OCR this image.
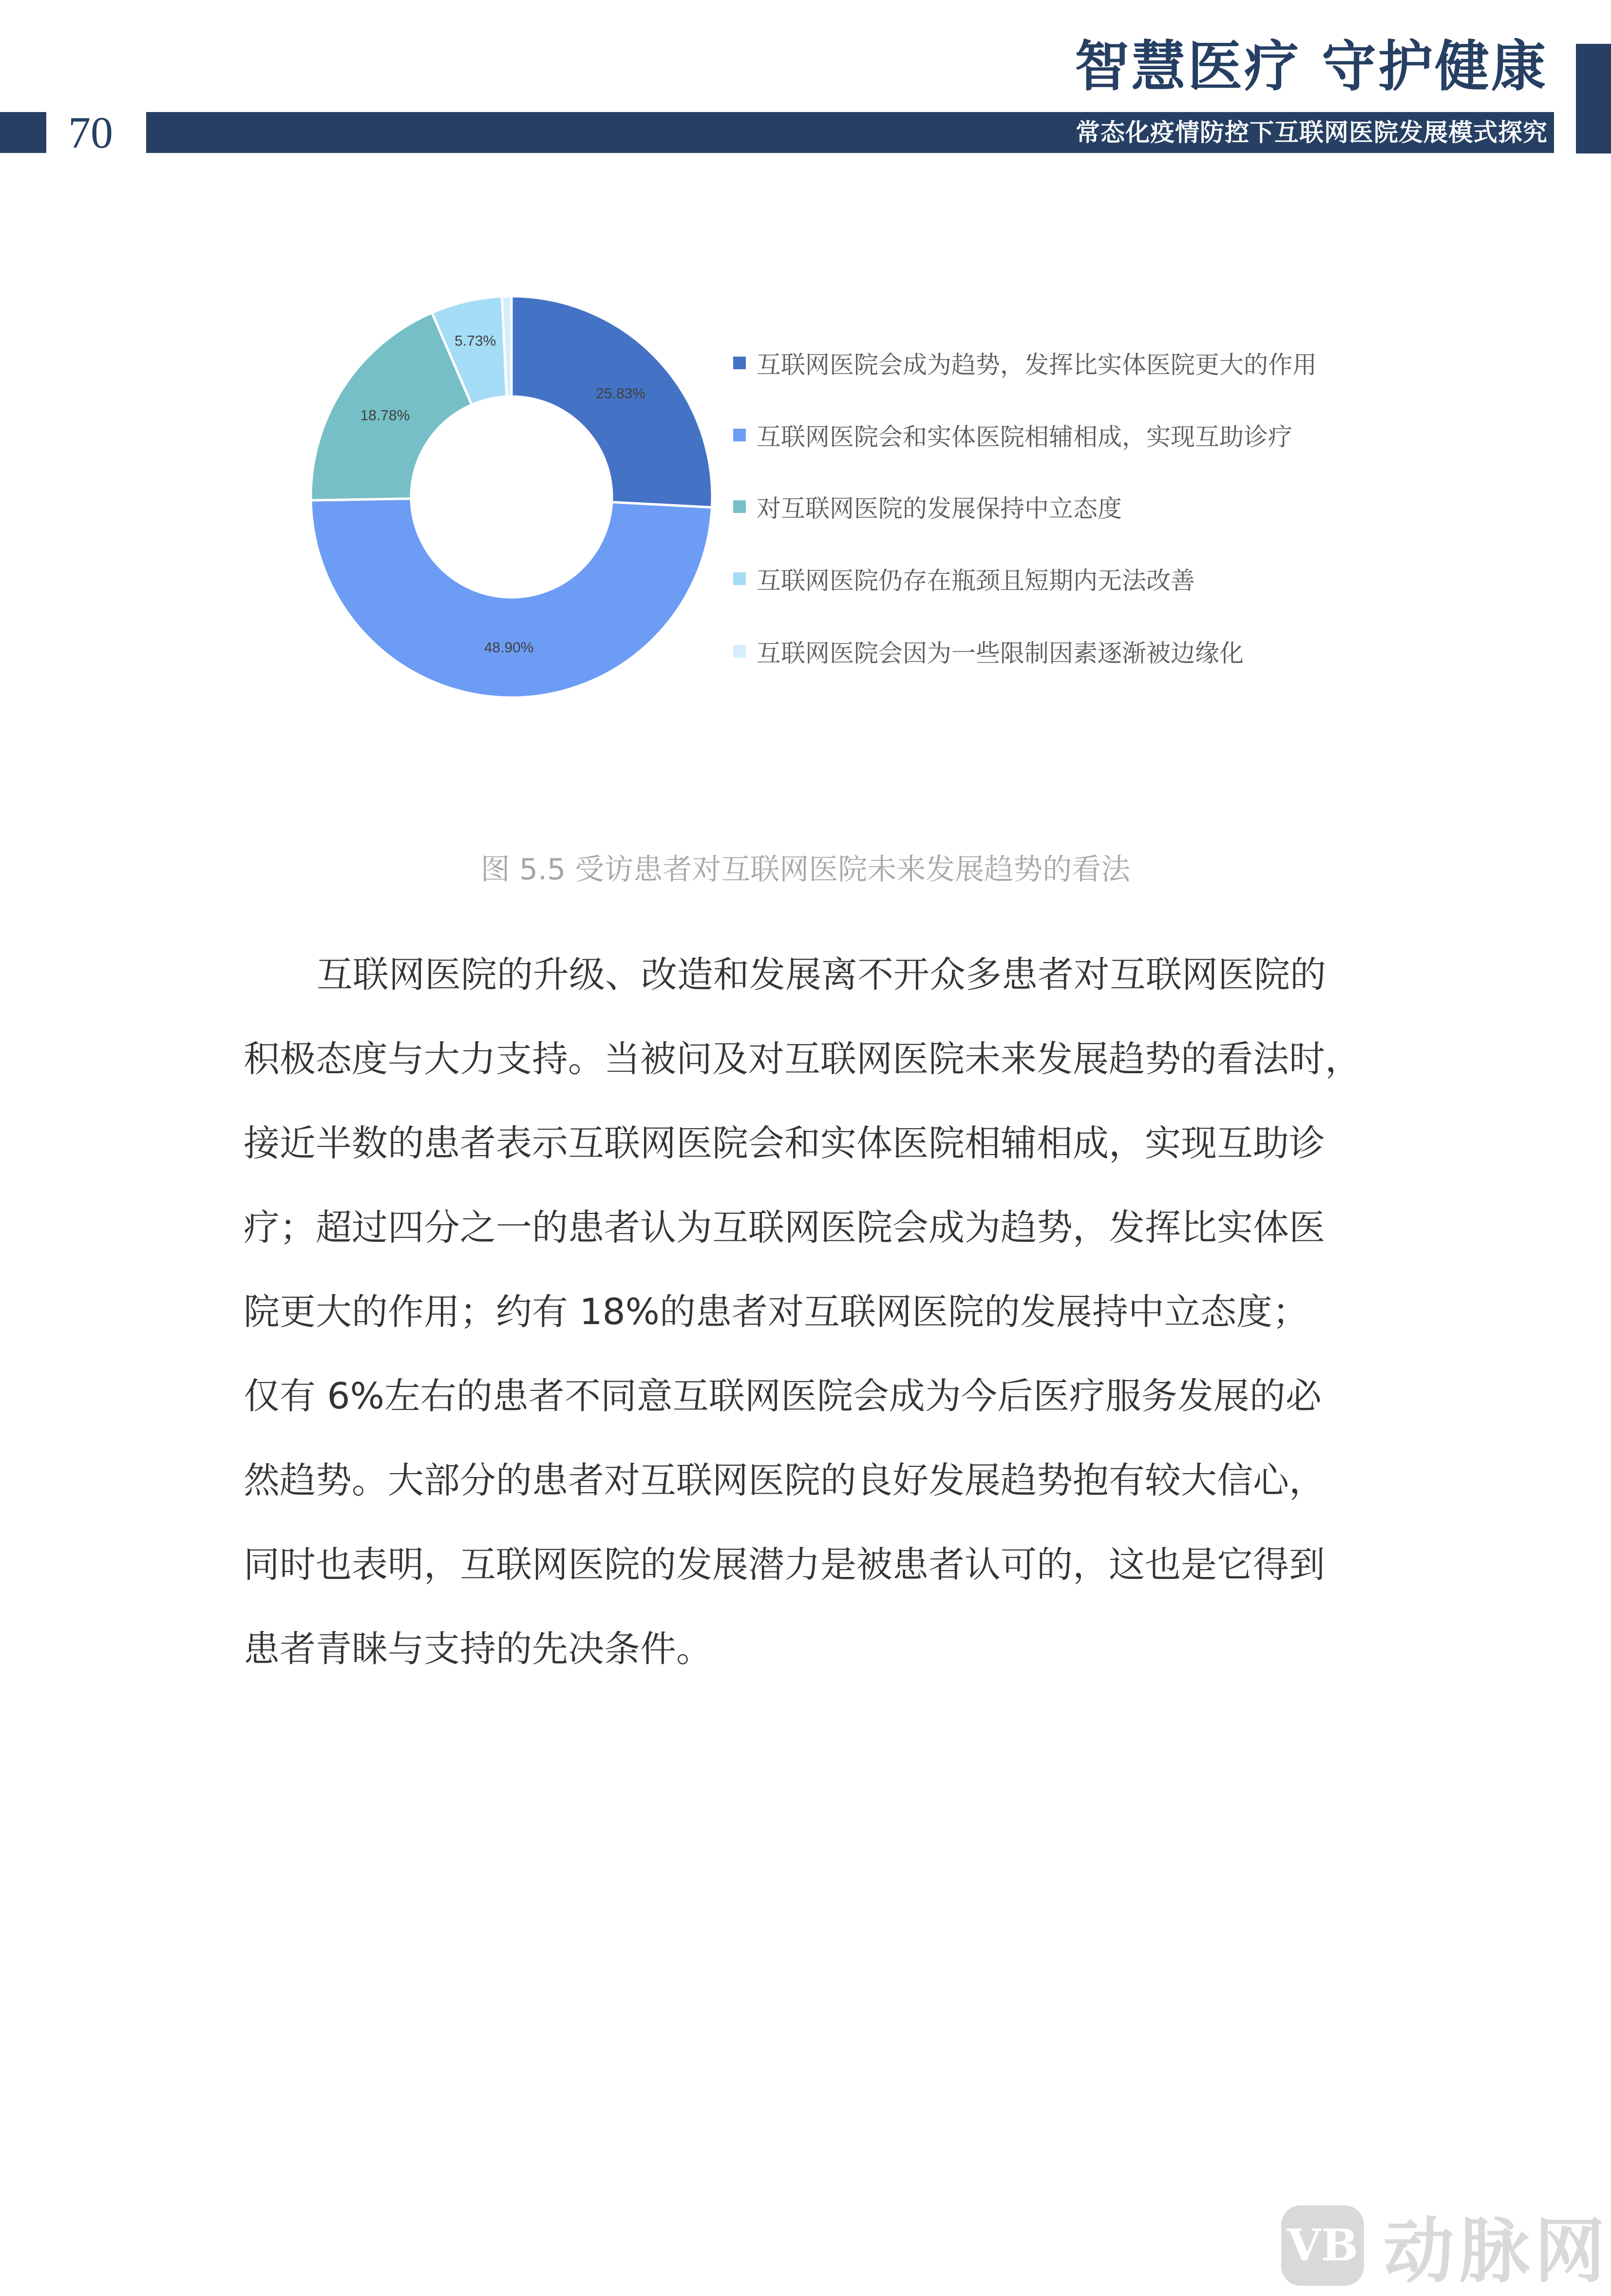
智慧医疗 守护健康
70	常态化疫情防控下互联网医院发展模式探究
25.83%
48.90%
18.78%
5.73%
互联网医院会成为趋势，发挥比实体医院更大的作用
互联网医院会和实体医院相辅相成，实现互助诊疗
对互联网医院的发展保持中立态度
互联网医院仍存在瓶颈且短期内无法改善
互联网医院会因为一些限制因素逐渐被边缘化
图 5.5 受访患者对互联网医院未来发展趋势的看法
互联网医院的升级、改造和发展离不开众多患者对互联网医院的
积极态度与大力支持。当被问及对互联网医院未来发展趋势的看法时，
接近半数的患者表示互联网医院会和实体医院相辅相成，实现互助诊
疗；超过四分之一的患者认为互联网医院会成为趋势，发挥比实体医
院更大的作用；约有 18%的患者对互联网医院的发展持中立态度；
仅有 6%左右的患者不同意互联网医院会成为今后医疗服务发展的必
然趋势。大部分的患者对互联网医院的良好发展趋势抱有较大信心，
同时也表明，互联网医院的发展潜力是被患者认可的，这也是它得到
患者青睐与支持的先决条件。
VB 动脉网
